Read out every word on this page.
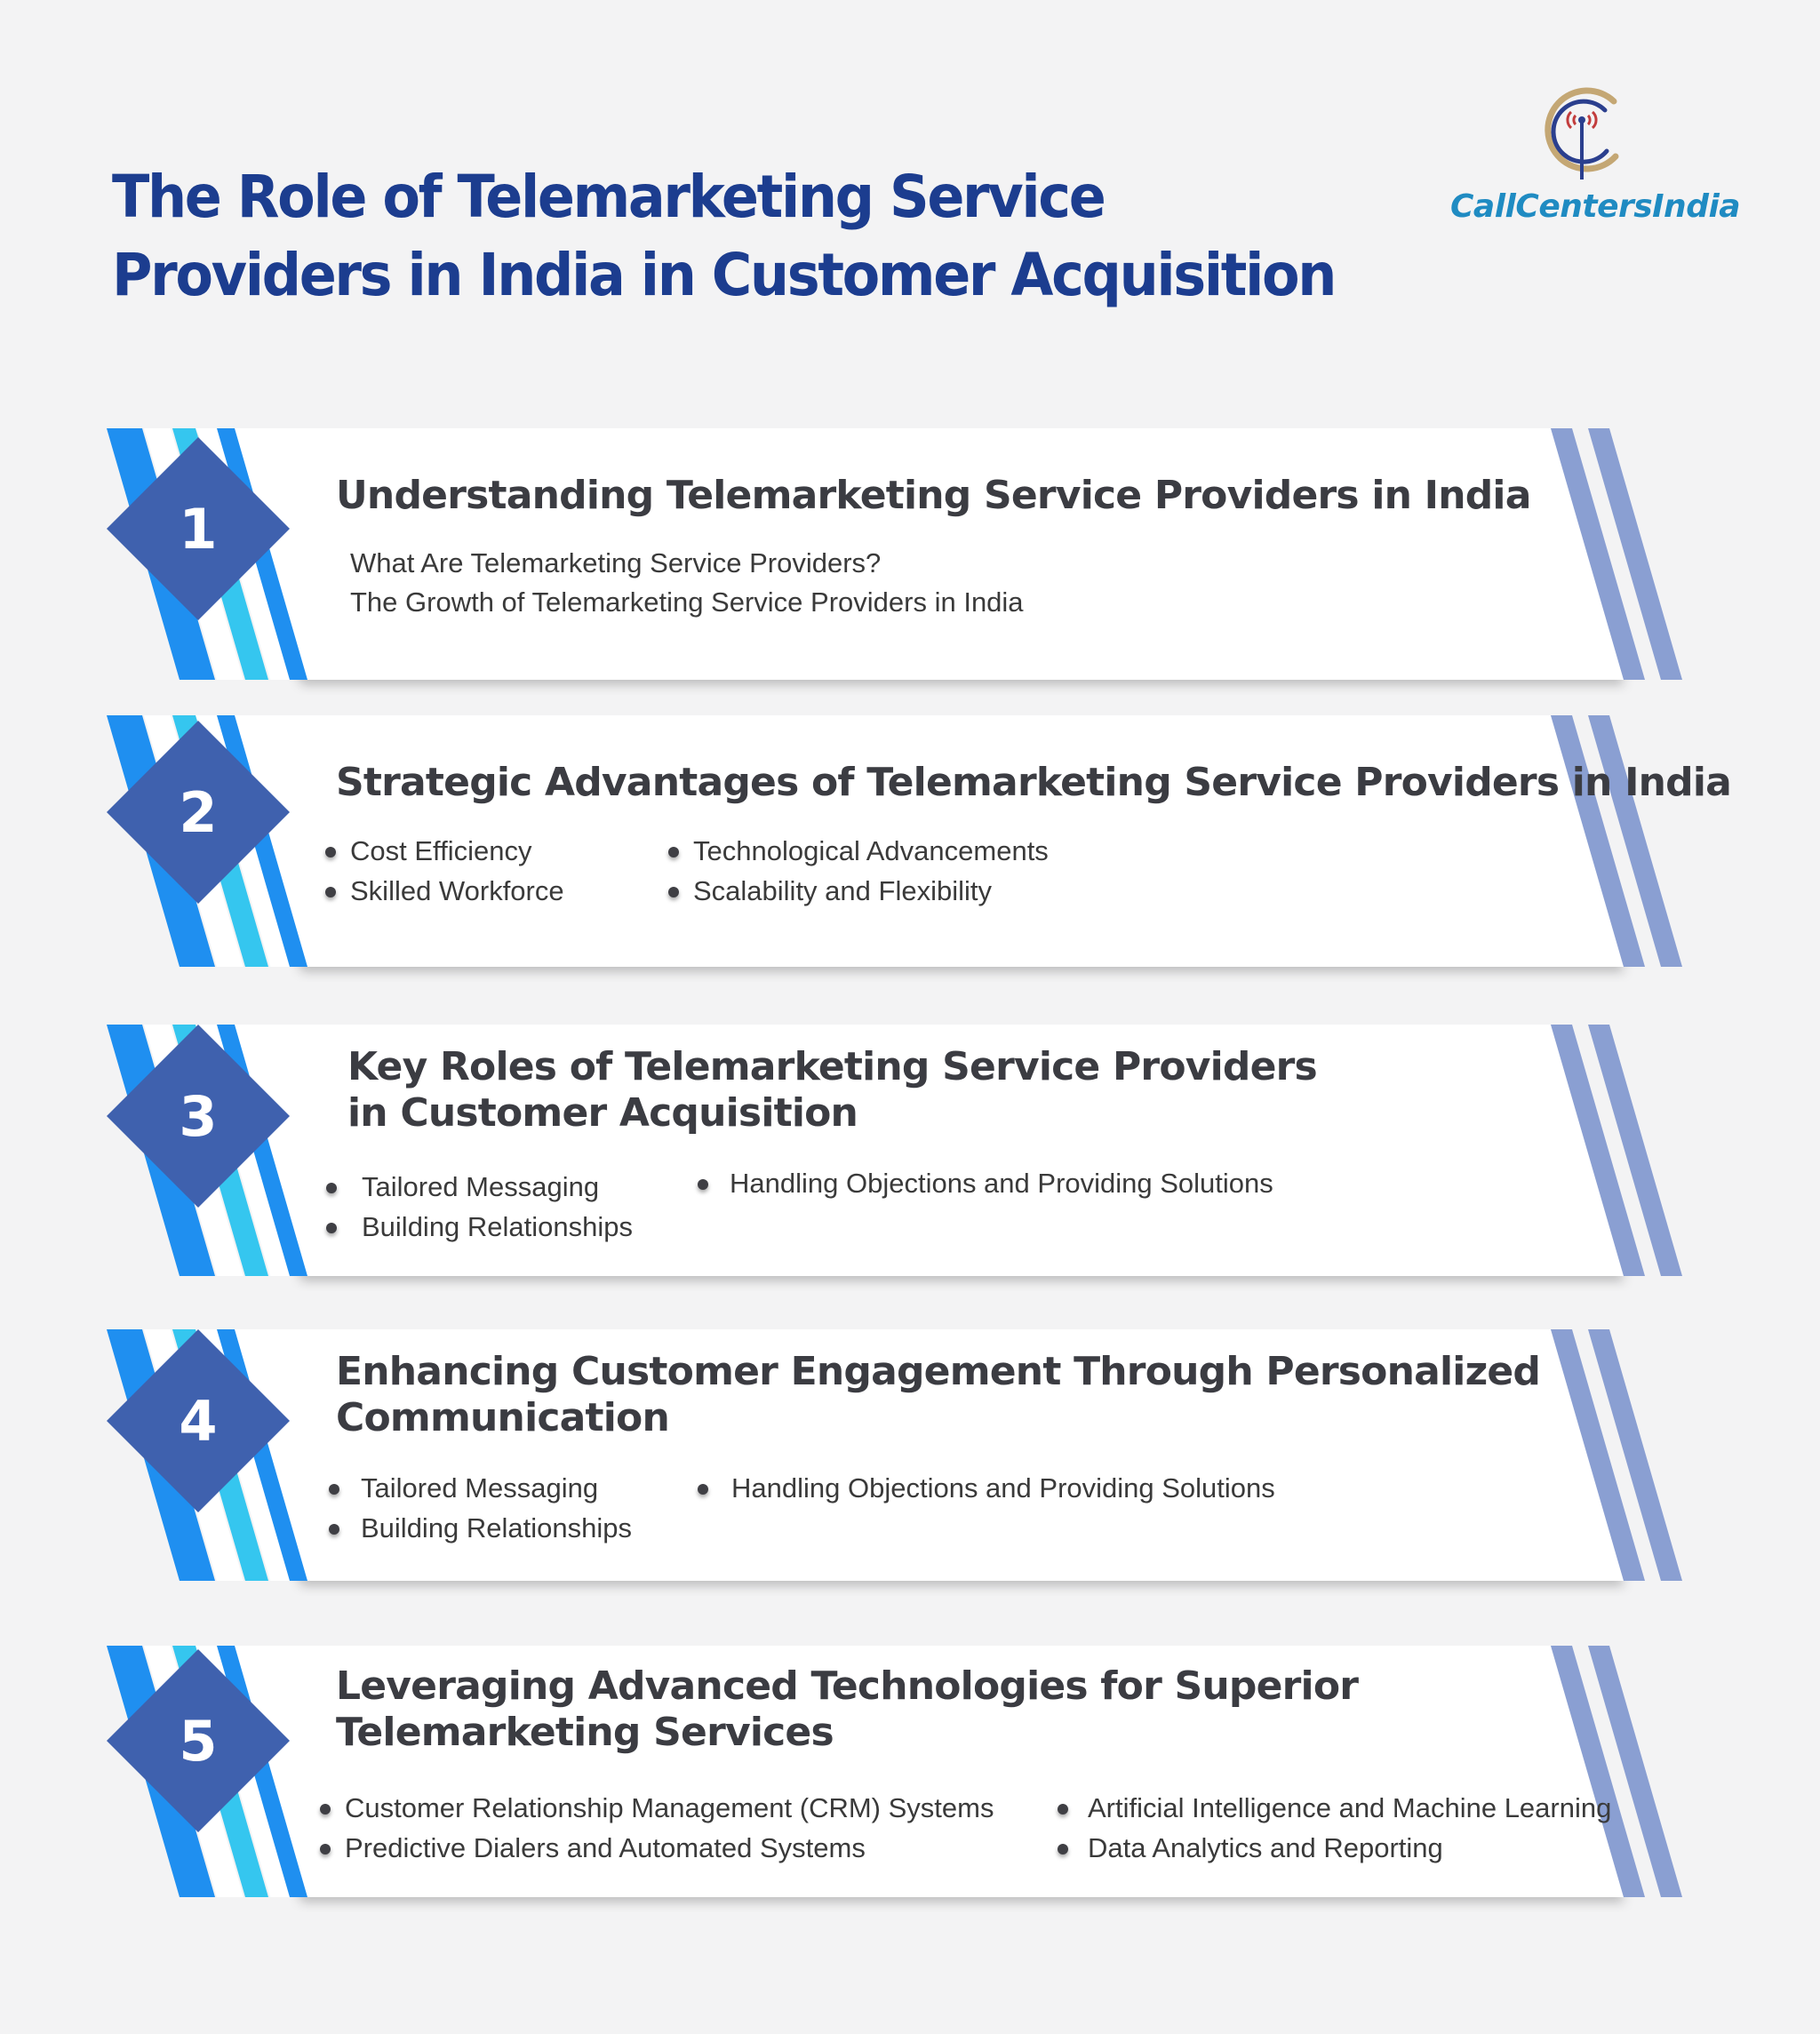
The Role of Telemarketing Service
Providers in India in Customer Acquisition
CallCentersIndia
1
Understanding Telemarketing Service Providers in India
What Are Telemarketing Service Providers?
The Growth of Telemarketing Service Providers in India
2	Strategic Advantages of Telemarketing Service Providers in India
Cost Efficiency
Skilled Workforce
Technological Advancements
Scalability and Flexibility
3
Key Roles of Telemarketing Service Providers
in Customer Acquisition
Tailored Messaging
Building Relationships
Handling Objections and Providing Solutions
4
Enhancing Customer Engagement Through Personalized
Communication
Tailored Messaging
Building Relationships
Handling Objections and Providing Solutions
5
Leveraging Advanced Technologies for Superior
Telemarketing Services
Customer Relationship Management (CRM) Systems
Predictive Dialers and Automated Systems
Artificial Intelligence and Machine Learning
Data Analytics and Reporting
